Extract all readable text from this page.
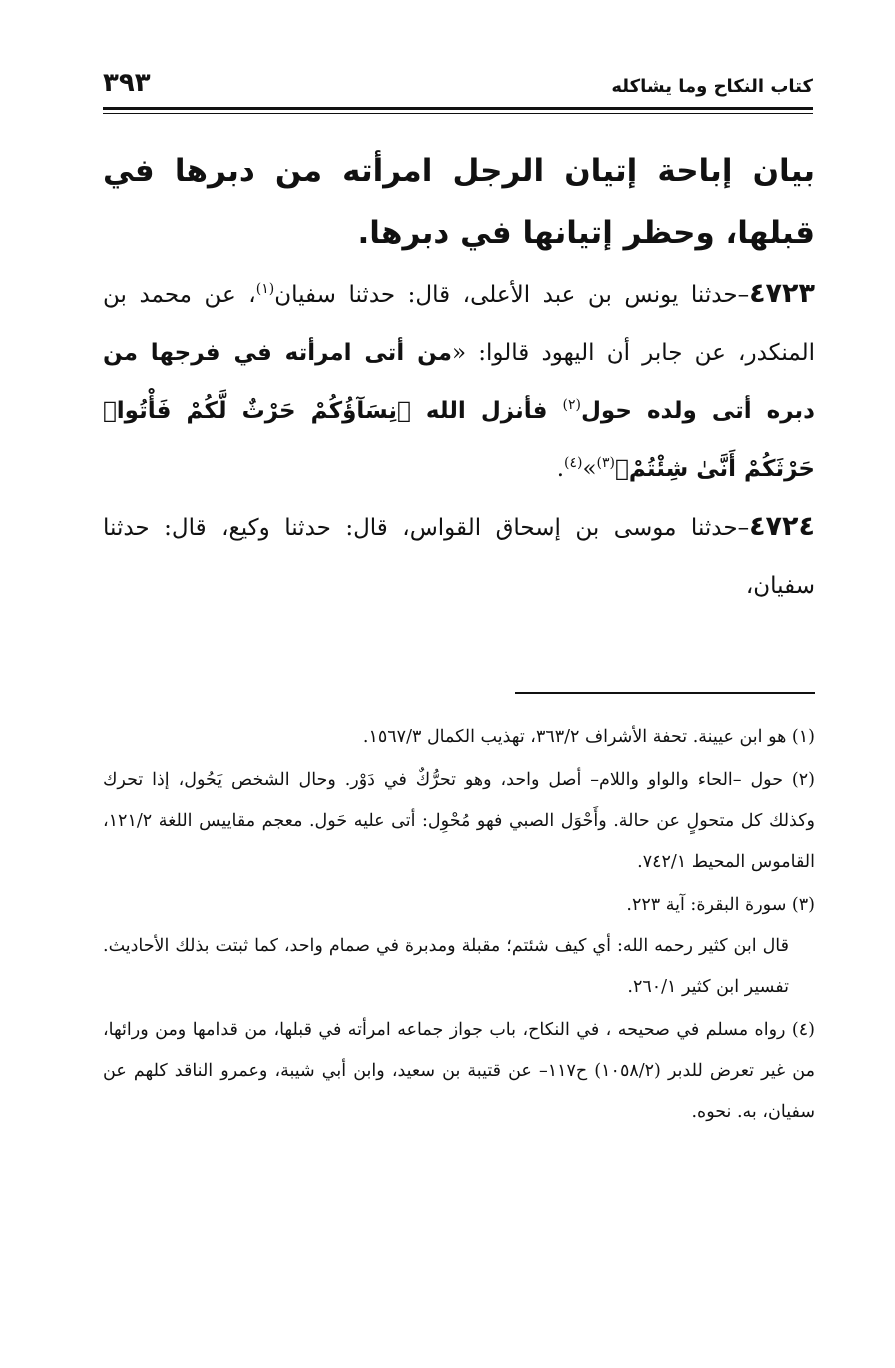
كتاب النكاح وما يشاكله
٣٩٣
بيان إباحة إتيان الرجل امرأته من دبرها في قبلها، وحظر إتيانها في دبرها.

٤٧٢٣–حدثنا يونس بن عبد الأعلى، قال: حدثنا سفيان$^{(١)}$، عن محمد بن المنكدر، عن جابر أن اليهود قالوا: «من أتى امرأته في فرجها من دبره أتى ولده حول$^{(٢)}$ فأنزل الله ﴿نِسَآؤُكُمْ حَرْثٌ لَّكُمْ فَأْتُوا۟ حَرْثَكُمْ أَنَّىٰ شِئْتُمْ﴾$^{(٣)}$»$^{(٤)}$.

٤٧٢٤–حدثنا موسى بن إسحاق القواس، قال: حدثنا وكيع، قال: حدثنا سفيان،

(١) هو ابن عيينة. تحفة الأشراف ٣٦٣/٢، تهذيب الكمال ١٥٦٧/٣.

(٢) حول –الحاء والواو واللام– أصل واحد، وهو تحرُّكٌ في دَوْر. وحال الشخص يَحُول، إذا تحرك وكذلك كل متحولٍ عن حالة. وأَحْوَل الصبي فهو مُحْوِل: أتى عليه حَول. معجم مقاييس اللغة ١٢١/٢، القاموس المحيط ٧٤٢/١.

(٣) سورة البقرة: آية ٢٢٣.

قال ابن كثير رحمه الله: أي كيف شئتم؛ مقبلة ومدبرة في صمام واحد، كما ثبتت بذلك الأحاديث. تفسير ابن كثير ٢٦٠/١.

(٤) رواه مسلم في صحيحه ، في النكاح، باب جواز جماعه امرأته في قبلها، من قدامها ومن ورائها، من غير تعرض للدبر (١٠٥٨/٢) ح١١٧– عن قتيبة بن سعيد، وابن أبي شيبة، وعمرو الناقد كلهم عن سفيان، به. نحوه.
